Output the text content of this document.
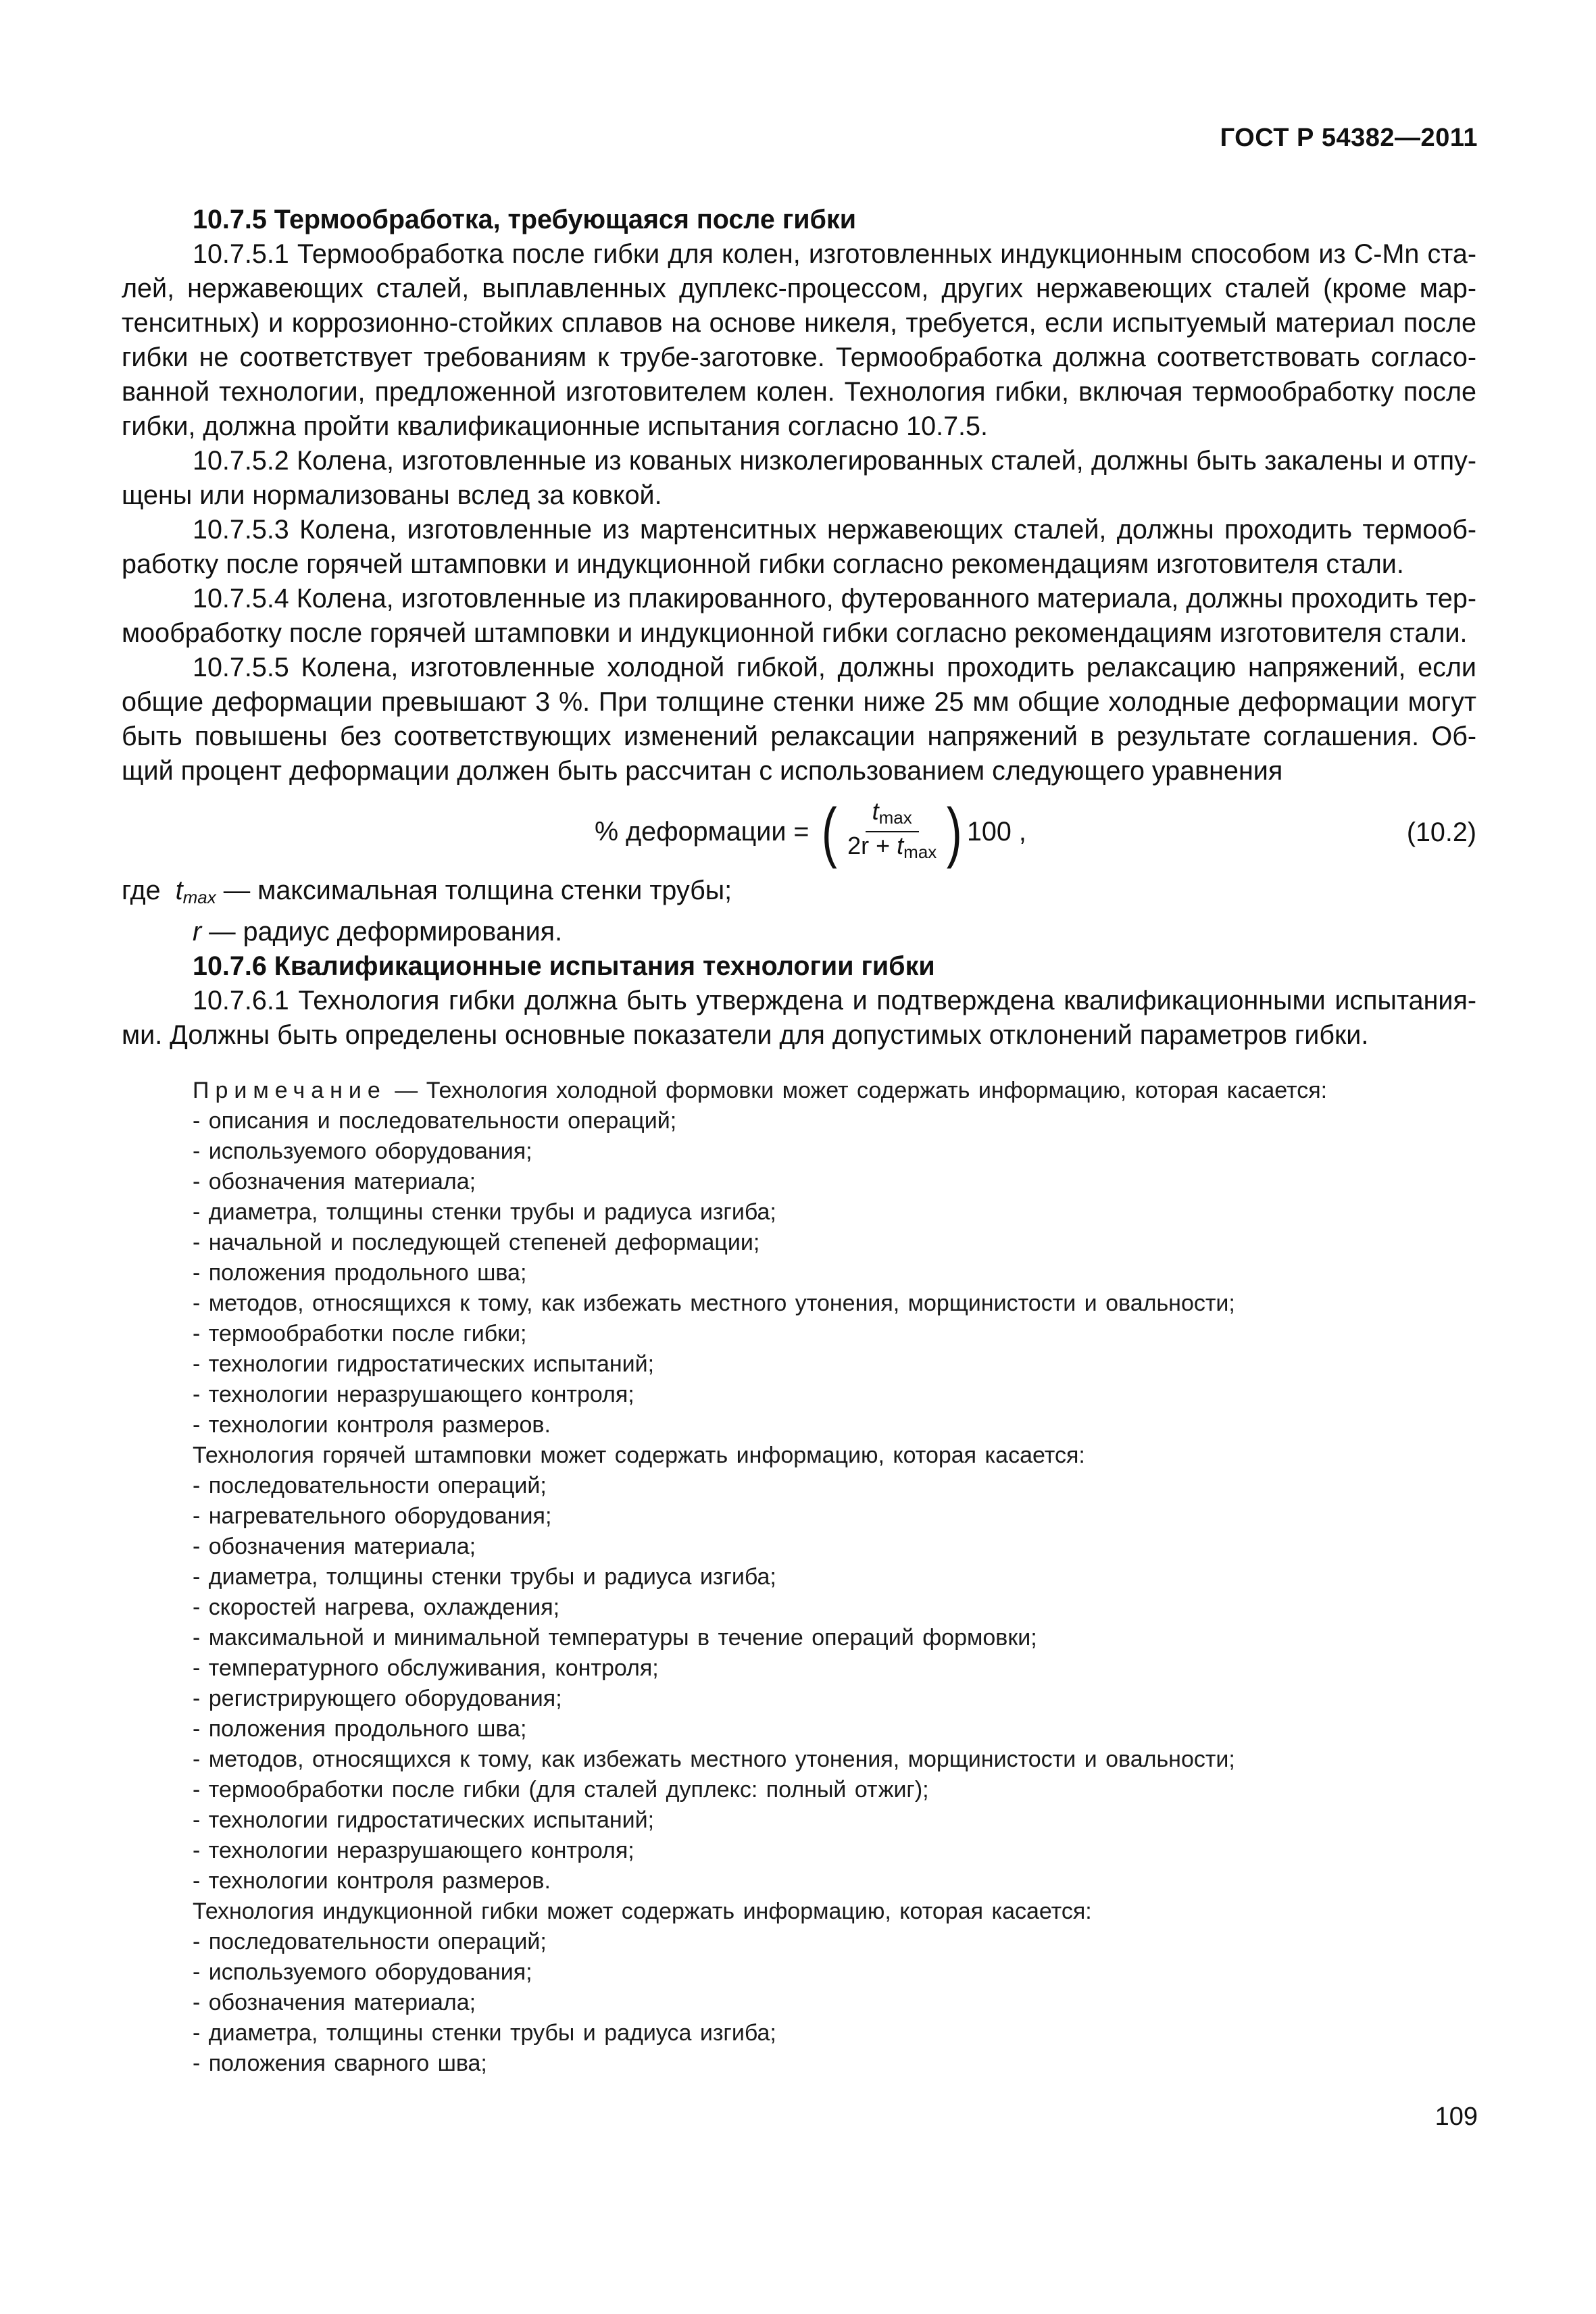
ГОСТ Р 54382—2011

10.7.5 Термообработка, требующаяся после гибки

10.7.5.1 Термообработка после гибки для колен, изготовленных индукционным способом из C-Mn ста-лей, нержавеющих сталей, выплавленных дуплекс-процессом, других нержавеющих сталей (кроме мар-тенситных) и коррозионно-стойких сплавов на основе никеля, требуется, если испытуемый материал после гибки не соответствует требованиям к трубе-заготовке. Термообработка должна соответствовать согласо-ванной технологии, предложенной изготовителем колен. Технология гибки, включая термообработку после гибки, должна пройти квалификационные испытания согласно 10.7.5.

10.7.5.2 Колена, изготовленные из кованых низколегированных сталей, должны быть закалены и отпу-щены или нормализованы вслед за ковкой.

10.7.5.3 Колена, изготовленные из мартенситных нержавеющих сталей, должны проходить термооб-работку после горячей штамповки и индукционной гибки согласно рекомендациям изготовителя стали.

10.7.5.4 Колена, изготовленные из плакированного, футерованного материала, должны проходить тер-мообработку после горячей штамповки и индукционной гибки согласно рекомендациям изготовителя стали.

10.7.5.5 Колена, изготовленные холодной гибкой, должны проходить релаксацию напряжений, если общие деформации превышают 3 %. При толщине стенки ниже 25 мм общие холодные деформации могут быть повышены без соответствующих изменений релаксации напряжений в результате соглашения. Об-щий процент деформации должен быть рассчитан с использованием следующего уравнения

% деформации = ( $\frac{t_{max}}{2r + t_{max}}$ ) 100 ,	(10.2)
где $t_{max}$ — максимальная толщина стенки трубы;
r — радиус деформирования.

10.7.6 Квалификационные испытания технологии гибки

10.7.6.1 Технология гибки должна быть утверждена и подтверждена квалификационными испытания-ми. Должны быть определены основные показатели для допустимых отклонений параметров гибки.

Примечание — Технология холодной формовки может содержать информацию, которая касается:
- описания и последовательности операций;
- используемого оборудования;
- обозначения материала;
- диаметра, толщины стенки трубы и радиуса изгиба;
- начальной и последующей степеней деформации;
- положения продольного шва;
- методов, относящихся к тому, как избежать местного утонения, морщинистости и овальности;
- термообработки после гибки;
- технологии гидростатических испытаний;
- технологии неразрушающего контроля;
- технологии контроля размеров.
Технология горячей штамповки может содержать информацию, которая касается:
- последовательности операций;
- нагревательного оборудования;
- обозначения материала;
- диаметра, толщины стенки трубы и радиуса изгиба;
- скоростей нагрева, охлаждения;
- максимальной и минимальной температуры в течение операций формовки;
- температурного обслуживания, контроля;
- регистрирующего оборудования;
- положения продольного шва;
- методов, относящихся к тому, как избежать местного утонения, морщинистости и овальности;
- термообработки после гибки (для сталей дуплекс: полный отжиг);
- технологии гидростатических испытаний;
- технологии неразрушающего контроля;
- технологии контроля размеров.
Технология индукционной гибки может содержать информацию, которая касается:
- последовательности операций;
- используемого оборудования;
- обозначения материала;
- диаметра, толщины стенки трубы и радиуса изгиба;
- положения сварного шва;
109
